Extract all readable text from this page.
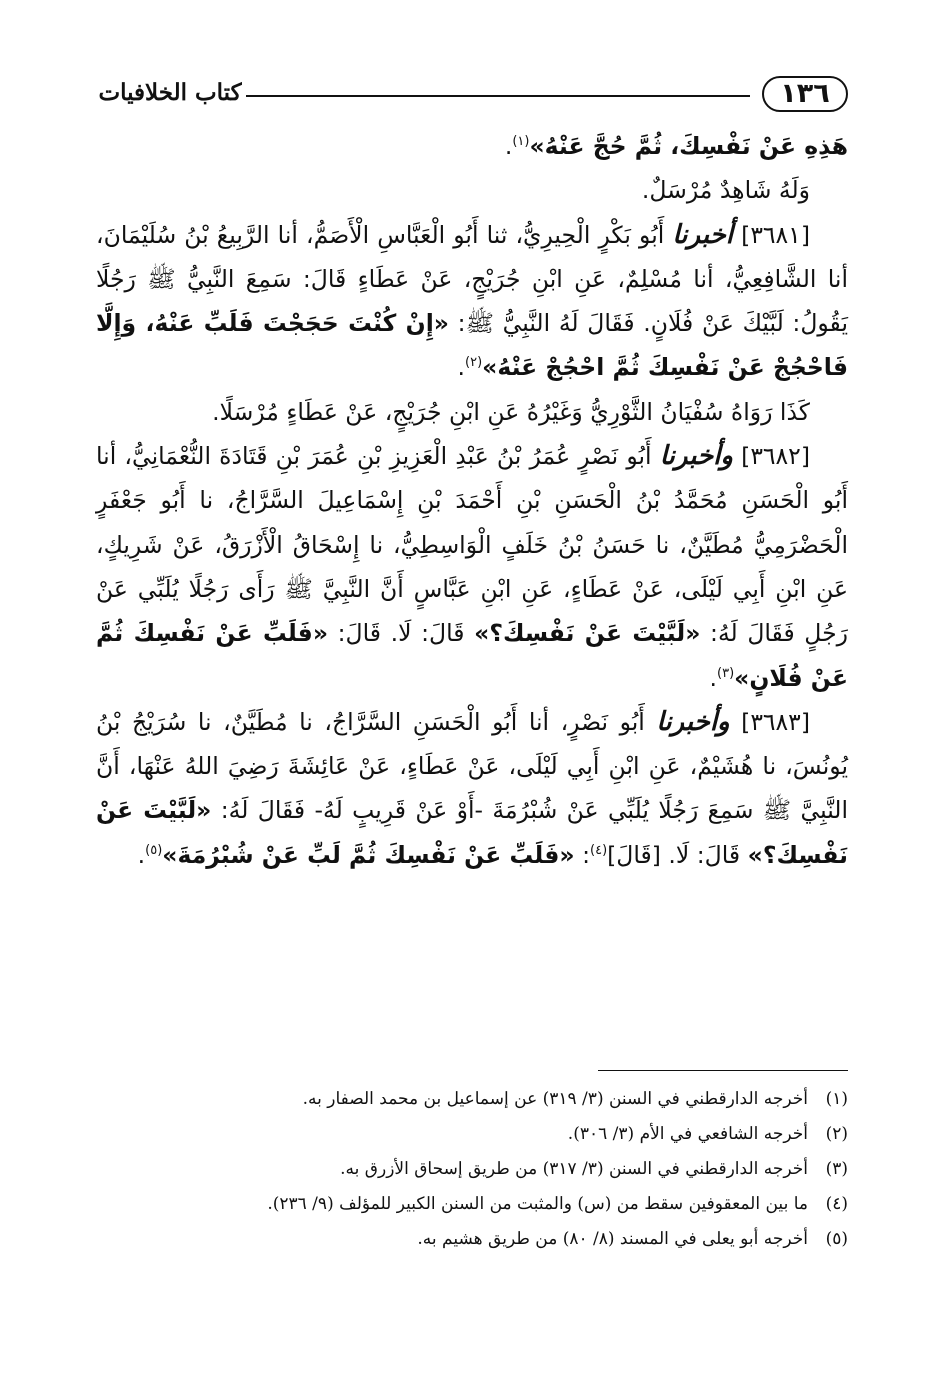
١٣٦
كتاب الخلافيات

هَذِهِ عَنْ نَفْسِكَ، ثُمَّ حُجَّ عَنْهُ»$^{(١)}$.

وَلَهُ شَاهِدٌ مُرْسَلٌ.

[٣٦٨١] أخبرنا أَبُو بَكْرٍ الْحِيرِيُّ، ثنا أَبُو الْعَبَّاسِ الْأَصَمُّ، أنا الرَّبِيعُ بْنُ سُلَيْمَانَ، أنا الشَّافِعِيُّ، أنا مُسْلِمٌ، عَنِ ابْنِ جُرَيْجٍ، عَنْ عَطَاءٍ قَالَ: سَمِعَ النَّبِيُّ ﷺ رَجُلًا يَقُولُ: لَبَّيْكَ عَنْ فُلَانٍ. فَقَالَ لَهُ النَّبِيُّ ﷺ: «إِنْ كُنْتَ حَجَجْتَ فَلَبِّ عَنْهُ، وَإِلَّا فَاحْجُجْ عَنْ نَفْسِكَ ثُمَّ احْجُجْ عَنْهُ»$^{(٢)}$.

كَذَا رَوَاهُ سُفْيَانُ الثَّوْرِيُّ وَغَيْرُهُ عَنِ ابْنِ جُرَيْجٍ، عَنْ عَطَاءٍ مُرْسَلًا.

[٣٦٨٢] وأخبرنا أَبُو نَصْرٍ عُمَرُ بْنُ عَبْدِ الْعَزِيزِ بْنِ عُمَرَ بْنِ قَتَادَةَ النُّعْمَانِيُّ، أنا أَبُو الْحَسَنِ مُحَمَّدُ بْنُ الْحَسَنِ بْنِ أَحْمَدَ بْنِ إِسْمَاعِيلَ السَّرَّاجُ، نا أَبُو جَعْفَرٍ الْحَضْرَمِيُّ مُطَيَّنٌ، نا حَسَنُ بْنُ خَلَفٍ الْوَاسِطِيُّ، نا إِسْحَاقُ الْأَزْرَقُ، عَنْ شَرِيكٍ، عَنِ ابْنِ أَبِي لَيْلَى، عَنْ عَطَاءٍ، عَنِ ابْنِ عَبَّاسٍ أَنَّ النَّبِيَّ ﷺ رَأَى رَجُلًا يُلَبِّي عَنْ رَجُلٍ فَقَالَ لَهُ: «لَبَّيْتَ عَنْ نَفْسِكَ؟» قَالَ: لَا. قَالَ: «فَلَبِّ عَنْ نَفْسِكَ ثُمَّ عَنْ فُلَانٍ»$^{(٣)}$.

[٣٦٨٣] وأخبرنا أَبُو نَصْرٍ، أنا أَبُو الْحَسَنِ السَّرَّاجُ، نا مُطَيَّنٌ، نا سُرَيْجُ بْنُ يُونُسَ، نا هُشَيْمٌ، عَنِ ابْنِ أَبِي لَيْلَى، عَنْ عَطَاءٍ، عَنْ عَائِشَةَ رَضِيَ اللهُ عَنْهَا، أَنَّ النَّبِيَّ ﷺ سَمِعَ رَجُلًا يُلَبِّي عَنْ شُبْرُمَةَ -أَوْ عَنْ قَرِيبٍ لَهُ- فَقَالَ لَهُ: «لَبَّيْتَ عَنْ نَفْسِكَ؟» قَالَ: لَا. [قَالَ]$^{(٤)}$: «فَلَبِّ عَنْ نَفْسِكَ ثُمَّ لَبِّ عَنْ شُبْرُمَةَ»$^{(٥)}$.

(١)
أخرجه الدارقطني في السنن (٣/ ٣١٩) عن إسماعيل بن محمد الصفار به.

(٢)
أخرجه الشافعي في الأم (٣/ ٣٠٦).

(٣)
أخرجه الدارقطني في السنن (٣/ ٣١٧) من طريق إسحاق الأزرق به.

(٤)
ما بين المعقوفين سقط من (س) والمثبت من السنن الكبير للمؤلف (٩/ ٢٣٦).

(٥)
أخرجه أبو يعلى في المسند (٨/ ٨٠) من طريق هشيم به.
